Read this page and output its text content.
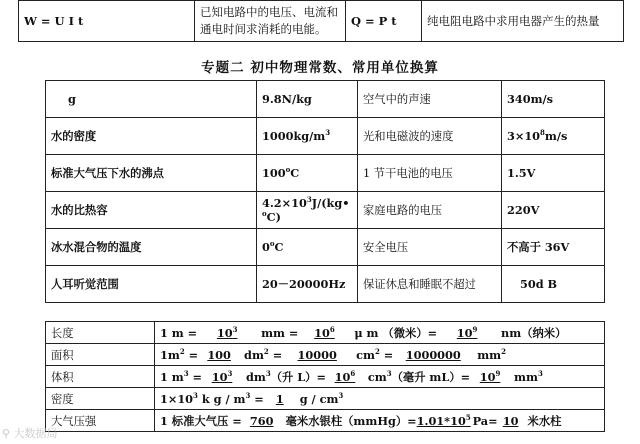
W = U I t	已知电路中的电压、电流和通电时间求消耗的电能。	Q = P t	纯电阻电路中求用电器产生的热量
专题二 初中物理常数、常用单位换算
g	9.8N/kg	空气中的声速	340m/s
水的密度	$1000kg/m^3$	光和电磁波的速度	$3\times 10^8m/s$
标准大气压下水的沸点	100$^o$C	1 节干电池的电压	1.5V
水的比热容	$4.2\times 10^3J/(kg•$ $^o$C)	家庭电路的电压	220V
冰水混合物的温度	0$^o$C	安全电压	不高于 36V
人耳听觉范围	20－20000Hz	保证休息和睡眠不超过	50d B
长度	1 $m = 10^3$ mm = $10^6$ μ m （微米）= $10^9$ nm（纳米）
面积	$1m^2 = 100$ $dm^2 = 10000$ $cm^2 = 1000000$ $mm^2$
体积	1 $m^3 = 10^3$ $dm^3$（升 $L)= 10^6$ $cm^3$（毫升 $mL)= 10^9$ $mm^3$
密度	$1\times 10^3$ k $g / m^3 = 1$ g / $cm^3$
大气压强	1 标准大气压 = 760 毫米水银柱$(mmHg)=1.01*10^5$ Pa= 10 米水柱
⚲ 大数据局
